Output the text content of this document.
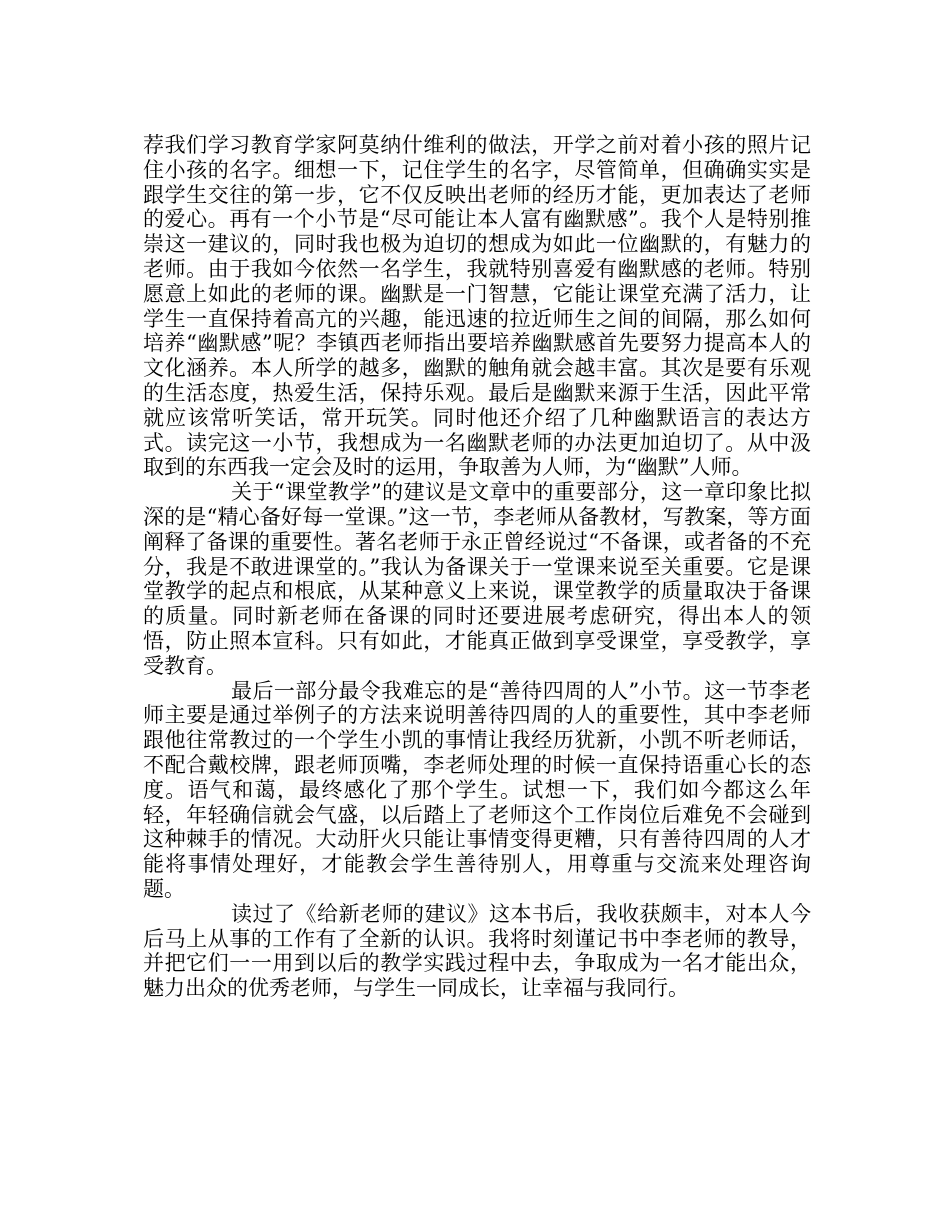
荐我们学习教育学家阿莫纳什维利的做法，开学之前对着小孩的照片记住小孩的名字。细想一下，记住学生的名字，尽管简单，但确确实实是跟学生交往的第一步，它不仅反映出老师的经历才能，更加表达了老师的爱心。再有一个小节是“尽可能让本人富有幽默感”。我个人是特别推崇这一建议的，同时我也极为迫切的想成为如此一位幽默的，有魅力的老师。由于我如今依然一名学生，我就特别喜爱有幽默感的老师。特别愿意上如此的老师的课。幽默是一门智慧，它能让课堂充满了活力，让学生一直保持着高亢的兴趣，能迅速的拉近师生之间的间隔，那么如何培养“幽默感”呢？李镇西老师指出要培养幽默感首先要努力提高本人的文化涵养。本人所学的越多，幽默的触角就会越丰富。其次是要有乐观的生活态度，热爱生活，保持乐观。最后是幽默来源于生活，因此平常就应该常听笑话，常开玩笑。同时他还介绍了几种幽默语言的表达方式。读完这一小节，我想成为一名幽默老师的办法更加迫切了。从中汲取到的东西我一定会及时的运用，争取善为人师，为“幽默”人师。

关于“课堂教学”的建议是文章中的重要部分，这一章印象比拟深的是“精心备好每一堂课。”这一节，李老师从备教材，写教案，等方面阐释了备课的重要性。著名老师于永正曾经说过“不备课，或者备的不充分，我是不敢进课堂的。”我认为备课关于一堂课来说至关重要。它是课堂教学的起点和根底，从某种意义上来说，课堂教学的质量取决于备课的质量。同时新老师在备课的同时还要进展考虑研究，得出本人的领悟，防止照本宣科。只有如此，才能真正做到享受课堂，享受教学，享受教育。

最后一部分最令我难忘的是“善待四周的人”小节。这一节李老师主要是通过举例子的方法来说明善待四周的人的重要性，其中李老师跟他往常教过的一个学生小凯的事情让我经历犹新，小凯不听老师话，不配合戴校牌，跟老师顶嘴，李老师处理的时候一直保持语重心长的态度。语气和蔼，最终感化了那个学生。试想一下，我们如今都这么年轻，年轻确信就会气盛，以后踏上了老师这个工作岗位后难免不会碰到这种棘手的情况。大动肝火只能让事情变得更糟，只有善待四周的人才能将事情处理好，才能教会学生善待别人，用尊重与交流来处理咨询题。

读过了《给新老师的建议》这本书后，我收获颇丰，对本人今后马上从事的工作有了全新的认识。我将时刻谨记书中李老师的教导，并把它们一一用到以后的教学实践过程中去，争取成为一名才能出众，魅力出众的优秀老师，与学生一同成长，让幸福与我同行。
